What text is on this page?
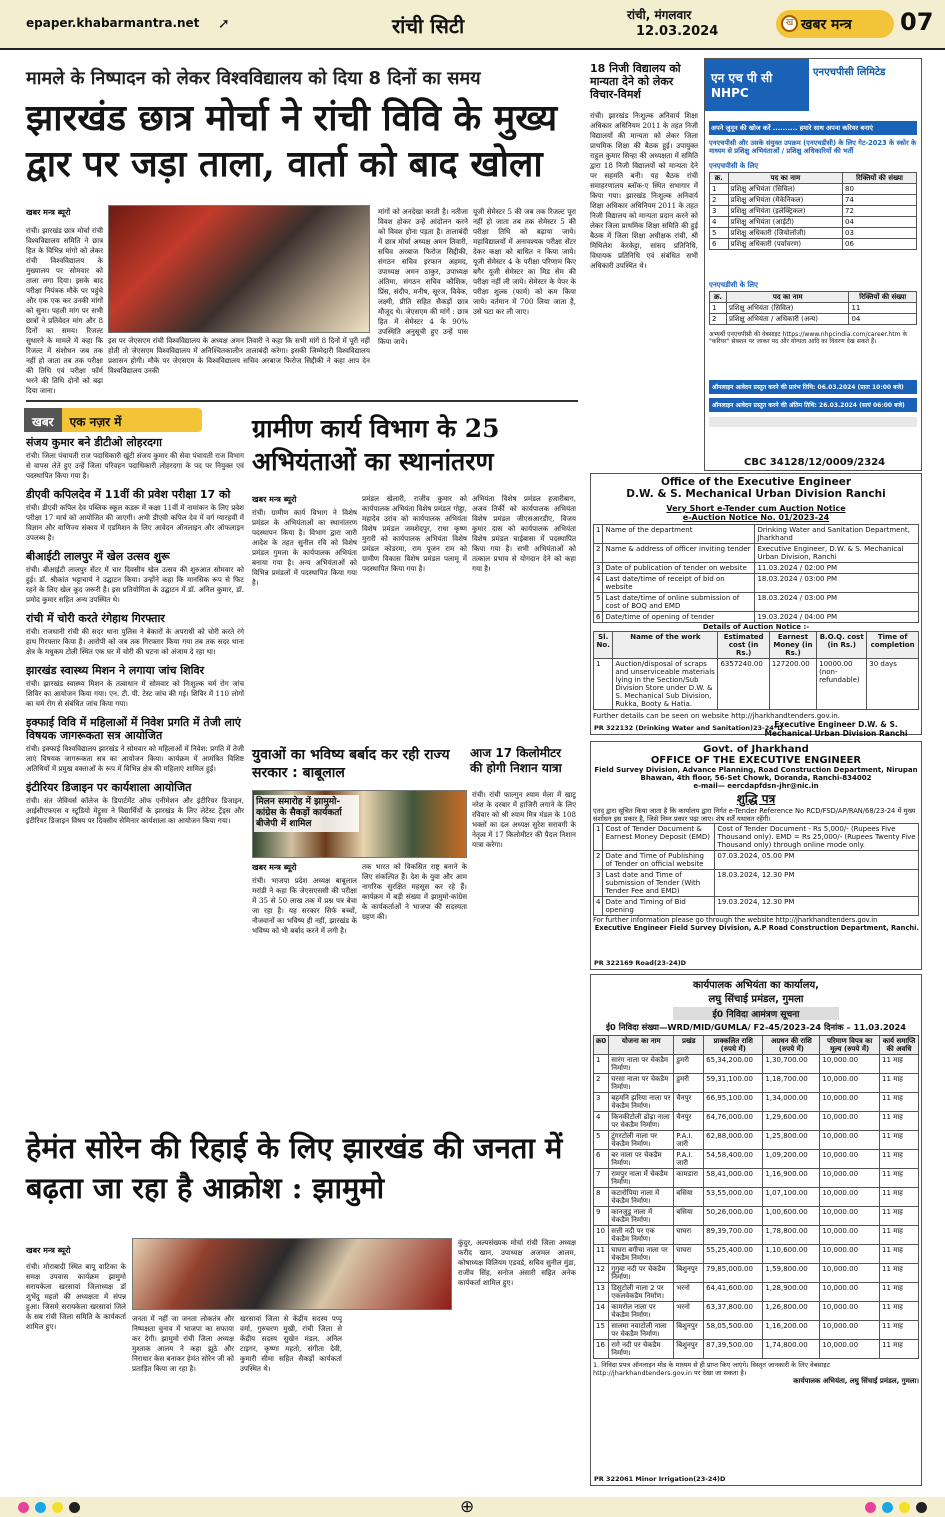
epaper.khabarmantra.net ➚	रांची सिटी	रांची, मंगलवार
12.03.2024	खबर मन्त्र
ख	07
मामले के निष्पादन को लेकर विश्वविद्यालय को दिया 8 दिनों का समय
झारखंड छात्र मोर्चा ने रांची विवि के मुख्य द्वार पर जड़ा ताला, वार्ता को बाद खोला
खबर मन्त्र ब्यूरो
रांची। झारखंड छात्र मोर्चा रांची विश्वविद्यालय समिति ने छात्र हित के विभिन्न मांगो को लेकर रांची विश्वविद्यालय के मुख्यालय पर सोमवार को ताला लगा दिया। इसके बाद परीक्षा नियंत्रक मौके पर पहुंचे और एक एक कर उनकी मांगों को सुना। पहली मांग पर सभी छात्रों ने प्रतिवेदन मांग और 8 दिनों का समय। रिजल्ट सुधारने के मामले में कहा कि रिजल्ट में संशोधन जब तक नहीं हो जाता तब तक परीक्षा की तिथि एवं परीक्षा फॉर्म भरने की तिथि दोनों को बढ़ा दिया जाना।
इस पर जेएसएम रांची विश्वविद्यालय के अध्यक्ष अमन तिवारी ने कहा कि सभी मांगें 8 दिनों में पूरी नहीं होती तो जेएसएम विश्वविद्यालय में अनिश्चितकालीन तालाबंदी करेगा। इसकी जिम्मेदारी विश्वविद्यालय प्रशासन होगी। मौके पर जेएसएम के विश्वविद्यालय सचिव अरबाज फिरोज सिद्दीकी ने कहा आप देन विश्वविद्यालय उनकी
मांगों को अनदेखा करती है। नतीजा विवश होकर उन्हें आंदोलन करने को विवश होना पड़ता है। तालाबंदी में छात्र मोर्चा अध्यक्ष अमन तिवारी, सचिव अरबाज फिरोज सिद्दीकी, संगठन सचिव इरफान अहमद, उपाध्यक्ष अमन ठाकुर, उपाध्यक्ष अंतिमा, संगठन सचिव कौशिक, प्रिंस, संदीप, मनीष, सूरज, विवेक, लक्ष्मी, प्रीति सहित सैकड़ों छात्र मौजूद थे। जेएसएम की मांगें : छात्र हित में सेमेस्टर 4 के 90% उपस्थिति अनुसूची हुए उन्हें पास किया जाये।
यूजी सेमेस्टर 5 की जब तक रिजल्ट पूरा नहीं हो जाता तब तक सेमेस्टर 5 की परीक्षा तिथि को बढ़ाया जाये। महाविद्यालयों में अनावश्यक परीक्षा सेंटर देकर कक्षा को बाधित न किया जाये। यूजी सेमेस्टर 4 के परीक्षा परिणाम किए बगैर यूजी सेमेस्टर का मिड सेम की परीक्षा नहीं ली जाये। सेमेस्टर के पेपर के परीक्षा शुल्क (फार्म) को कम किया जाये। वर्तमान में 700 लिया जाता है, उसे घटा कर ली जाए।
18 निजी विद्यालय को मान्यता देने को लेकर विचार-विमर्श
रांची। झारखंड निःशुल्क अनिवार्य शिक्षा अधिकार अधिनियम 2011 के तहत निजी विद्यालयों की मान्यता को लेकर जिला प्राथमिक शिक्षा की बैठक हुई। उपायुक्त राहुल कुमार सिन्हा की अध्यक्षता में समिति द्वारा 18 निजी विद्यालयों को मान्यता देने पर सहमति बनी। यह बैठक रांची समाहरणालय ब्लॉक-ए स्थित सभागार में किया गया। झारखंड निःशुल्क अनिवार्य शिक्षा अधिकार अधिनियम 2011 के तहत निजी विद्यालय को मान्यता प्रदान करने को लेकर जिला प्राथमिक शिक्षा समिति की हुई बैठक में जिला शिक्षा अधीक्षक रांची, श्री मिथिलेश केरकेट्टा, सांसद प्रतिनिधि, विधायक प्रतिनिधि एवं संबंधित सभी अधिकारी उपस्थित थे।
खबर एक नज़र में
संजय कुमार बने डीटीओ लोहरदगा
रांची। जिला पंचायती राज पदाधिकारी खूंटी संजय कुमार की सेवा पंचायती राज विभाग से वापस लेते हुए उन्हें जिला परिवहन पदाधिकारी लोहरदगा के पद पर नियुक्त एवं पदस्थापित किया गया है।
डीएवी कपिलदेव में 11वीं की प्रवेश परीक्षा 17 को
रांची। डीएवी कपिल देव पब्लिक स्कूल कडरू में कक्षा 11वीं में नामांकन के लिए प्रवेश परीक्षा 17 मार्च को आयोजित की जाएगी। अभी डीएवी कपिल देव में वर्ग ग्यारहवीं में विज्ञान और वाणिज्य संकाय में एडमिशन के लिए आवेदन ऑनलाइन और ऑफलाइन उपलब्ध है।
बीआईटी लालपुर में खेल उत्सव शुरू
रांची। बीआईटी लालपुर सेंटर में चार दिवसीय खेल उत्सव की शुरुआत सोमवार को हुई। डॉ. श्रीकांत भट्टाचार्य ने उद्घाटन किया। उन्होंने कहा कि मानसिक रूप से फिट रहने के लिए खेल कूद जरूरी है। इस प्रतियोगिता के उद्घाटन में डॉ. अनिल कुमार, डॉ. प्रमोद कुमार सहित अन्य उपस्थित थे।
रांची में चोरी करते रंगेहाथ गिरफ्तार
रांची। राजधानी रांची की सदर थाना पुलिस ने बेकारों के अपराधी को चोरी करते रंगे हाथ गिरफ्तार किया है। आरोपी को जब तक गिरफ्तार किया गया तब तक सदर थाना क्षेत्र के मधुकम टोली स्थित एक घर में चोरी की घटना को अंजाम दे रहा था।
झारखंड स्वास्थ्य मिशन ने लगाया जांच शिविर
रांची। झारखंड स्वास्थ्य मिशन के तत्वाधान में सोमवार को निःशुल्क चर्म रोग जांच शिविर का आयोजन किया गया। एन. टी. पी. टेस्ट जांच की गई। शिविर में 110 लोगों का चर्म रोग से संबंधित जांच किया गया।
इक्फाई विवि में महिलाओं में निवेश प्रगति में तेजी लाएं विषयक जागरूकता सत्र आयोजित
रांची। इक्फाई विश्वविद्यालय झारखंड ने सोमवार को महिलाओं में निवेश: प्रगति में तेजी लाएं विषयक जागरूकता सत्र का आयोजन किया। कार्यक्रम में आमंत्रित विशिष्ट अतिथियों में प्रमुख वक्ताओं के रूप में विभिन्न क्षेत्र की महिलाएं शामिल हुईं।
इंटीरियर डिजाइन पर कार्यशाला आयोजित
रांची। संत जेवियर्स कॉलेज के डिपार्टमेंट ऑफ एनीमेशन और इंटीरियर डिजाइन, आईसीएफएस व स्टूडियो मेट्रूसा ने विद्यार्थियों के झारखंड के लिए लेटेस्ट ट्रेंड्स और इंटीरियर डिजाइन विषय पर दिवसीय सेमिनार कार्यशाला का आयोजन किया गया।
ग्रामीण कार्य विभाग के 25 अभियंताओं का स्थानांतरण
खबर मन्त्र ब्यूरो
रांची। ग्रामीण कार्य विभाग ने विशेष प्रमंडल के अभियंताओं का स्थानांतरण पदस्थापन किया है। विभाग द्वारा जारी आदेश के तहत सुनील रवि को विशेष प्रमंडल गुमला के कार्यपालक अभियंता बनाया गया है। अन्य अभियंताओं को विभिन्न प्रमंडलों में पदस्थापित किया गया है।
प्रमंडल खेलारी, राजीव कुमार को कार्यपालक अभियंता विशेष प्रमंडल गोड्डा, महादेव उरांव को कार्यपालक अभियंता विशेष प्रमंडल जमशेदपुर, राधा कृष्ण मुरारी को कार्यपालक अभियंता विशेष प्रमंडल कोडरमा, राम पूजन राम को ग्रामीण विकास विशेष प्रमंडल पलामू में पदस्थापित किया गया है।
अभियंता विशेष प्रमंडल हजारीबाग, अजय तिर्की को कार्यपालक अभियंता विशेष प्रमंडल जीएसआरडीए, विजय कुमार दास को कार्यपालक अभियंता विशेष प्रमंडल चाईबासा में पदस्थापित किया गया है। सभी अभियंताओं को तत्काल प्रभाव से योगदान देने को कहा गया है।
युवाओं का भविष्य बर्बाद कर रही राज्य सरकार : बाबूलाल
मिलन समारोह में झामुमो-कांग्रेस के सैकड़ों कार्यकर्ता बीजेपी में शामिल
खबर मन्त्र ब्यूरो
रांची। भाजपा प्रदेश अध्यक्ष बाबूलाल मरांडी ने कहा कि जेएसएससी की परीक्षा में 35 से 50 लाख तक में प्रश्न पत्र बेचा जा रहा है। यह सरकार सिर्फ बच्चों, नौजवानों का भविष्य ही नहीं, झारखंड के भविष्य को भी बर्बाद करने में लगी है।
तक भारत को विकसित राष्ट्र बनाने के लिए संकल्पित हैं। देश के युवा और आम नागरिक सुरक्षित महसूस कर रहे हैं। कार्यक्रम में बड़ी संख्या में झामुमो-कांग्रेस के कार्यकर्ताओं ने भाजपा की सदस्यता ग्रहण की।
आज 17 किलोमीटर की होगी निशान यात्रा
रांची। रांची फाल्गुन श्याम मेला में खाटू नरेश के दरबार में हाजिरी लगाने के लिए रविवार को श्री श्याम मित्र मंडल के 108 भक्तों का दल अध्यक्ष सुरेश सरावगी के नेतृत्व में 17 किलोमीटर की पैदल निशान यात्रा करेगा।
हेमंत सोरेन की रिहाई के लिए झारखंड की जनता में बढ़ता जा रहा है आक्रोश : झामुमो
खबर मन्त्र ब्यूरो
रांची। मोराबादी स्थित बापू वाटिका के समक्ष उपवास कार्यक्रम झामुमो सरायकेला खरसावां जिलाध्यक्ष डॉ शुभेंदु महतो की अध्यक्षता में संपन्न हुआ। जिसमे सरायकेला खरसावां जिले के सब रांची जिला समिति के कार्यकर्ता शामिल हुए।
जनता में नहीं जा जनता लोकतंत्र और निष्पक्षता चुनाव में भाजपा का सफाया कर देगी। झामुमो रांची जिला अध्यक्ष मुश्ताक आलम ने कहा झूठे और निराधार केस बनाकर हेमंत सोरेन जी को प्रताड़ित किया जा रहा है।
खरसावां जिला से केंद्रीय सदस्य पप्पू वर्मा, गुरुचरण मुखी, रांची जिला से केंद्रीय सदस्य सुखेन मंडल, अनिल टाइगर, कृष्णा महतो, संगीता देवी, कुमारी सीमा सहित सैकड़ों कार्यकर्ता उपस्थित थे।
कुंदुर, अल्पसंख्यक मोर्चा रांची जिला अध्यक्ष फरीद खान, उपाध्यक्ष अजमल आलम, कोषाध्यक्ष विलियम एडवर्ड, सचिव सुनील मुंडा, राजीव सिंह, सनोज अंसारी सहित अनेक कार्यकर्ता शामिल हुए।
एन एच पी सी NHPC
एनएचपीसी लिमिटेड
अपने जुनून की खोज करें .......... हमारे साथ अपना करियर बनाएं
एनएचपीसी और उसके संयुक्त उपक्रम (एनएचडीसी) के लिए गेट-2023 के स्कोर के माध्यम से प्रशिक्षु अभियंताओं / प्रशिक्षु अधिकारियों की भर्ती
एनएचपीसी के लिए
क्र.	पद का नाम	रिक्तियों की संख्या
1	प्रशिक्षु अभियंता (सिविल)	80
2	प्रशिक्षु अभियंता (मैकेनिकल)	74
3	प्रशिक्षु अभियंता (इलेक्ट्रिकल)	72
4	प्रशिक्षु अभियंता (आईटी)	04
5	प्रशिक्षु अधिकारी (जियोलॉजी)	03
6	प्रशिक्षु अधिकारी (पर्यावरण)	06
एनएचडीसी के लिए
क्र.	पद का नाम	रिक्तियों की संख्या
1	प्रशिक्षु अभियंता (सिविल)	11
2	प्रशिक्षु अभियंता / अधिकारी (अन्य)	04
अभ्यर्थी एनएचपीसी की वेबसाइट https://www.nhpcindia.com/career.htm के "करियर" सेक्शन पर जाकर पद और योग्यता आदि का विवरण देख सकते हैं।
ऑनलाइन आवेदन प्रस्तुत करने की प्रारंभ तिथि: 06.03.2024 (प्रातः 10:00 बजे)
ऑनलाइन आवेदन प्रस्तुत करने की अंतिम तिथि: 26.03.2024 (सायं 06:00 बजे)
CBC 34128/12/0009/2324
Office of the Executive Engineer
D.W. & S. Mechanical Urban Division Ranchi
Very Short e-Tender cum Auction Notice
e-Auction Notice No. 01/2023-24
1	Name of the department	Drinking Water and Sanitation Department, Jharkhand
2	Name & address of officer inviting tender	Executive Engineer, D.W. & S. Mechanical Urban Division, Ranchi
3	Date of publication of tender on website	11.03.2024 / 02:00 PM
4	Last date/time of receipt of bid on website	18.03.2024 / 03:00 PM
5	Last date/time of online submission of cost of BOQ and EMD	18.03.2024 / 03:00 PM
6	Date/time of opening of tender	19.03.2024 / 04:00 PM
Details of Auction Notice :-
Sl. No.	Name of the work	Estimated cost (in Rs.)	Earnest Money (in Rs.)	B.O.Q. cost (in Rs.)	Time of completion
1	Auction/disposal of scraps and unserviceable materials lying in the Section/Sub Division Store under D.W. & S. Mechanical Sub Division, Rukka, Booty & Hatia.	6357240.00	127200.00	10000.00 (non-refundable)	30 days
Further details can be seen on website http://jharkhandtenders.gov.in.
Executive Engineer D.W. & S. Mechanical Urban Division Ranchi
PR 322132 (Drinking Water and Sanitation)23-24*D
Govt. of Jharkhand
OFFICE OF THE EXECUTIVE ENGINEER
Field Survey Division, Advance Planning, Road Construction Department, Nirupan Bhawan, 4th floor, 56-Set Chowk, Doranda, Ranchi-834002
e-mail— eercdapfdsn-jhr@nic.in
शुद्धि पत्र
एतद् द्वारा सूचित किया जाता है कि कार्यालय द्वारा निर्गत e-Tender Reference No RCD/FSD/AP/RAN/68/23-24 में मुख्य संशोधन इस प्रकार है, जिसे निम्न प्रकार पढ़ा जाए। शेष शर्तें यथावत रहेंगी।
1	Cost of Tender Document & Earnest Money Deposit (EMD)	Cost of Tender Document - Rs 5,000/- (Rupees Five Thousand only). EMD = Rs 25,000/- (Rupees Twenty Five Thousand only) through online mode only.
2	Date and Time of Publishing of Tender on official website	07.03.2024, 05.00 PM
3	Last date and Time of submission of Tender (With Tender Fee and EMD)	18.03.2024, 12.30 PM
4	Date and Timing of Bid opening	19.03.2024, 12.30 PM
For further information please go through the website http://jharkhandtenders.gov.in
Executive Engineer Field Survey Division, A.P Road Construction Department, Ranchi.
PR 322169 Road(23-24)D
कार्यपालक अभियंता का कार्यालय,
लघु सिंचाई प्रमंडल, गुमला
ई0 निविदा आमंत्रण सूचना
ई0 निविदा संख्या—WRD/MID/GUMLA/ F2-45/2023-24 दिनांक – 11.03.2024
क्र0	योजना का नाम	प्रखंड	प्राक्कलित राशि (रुपये में)	अग्रधन की राशि (रुपये में)	परिमाण विपत्र का मूल्य (रुपये में)	कार्य समाप्ति की अवधि
1	सारंग नाला पर चेकडैम निर्माण।	डुमरी	65,34,200.00	1,30,700.00	10,000.00	11 माह
2	घरसा नाला पर चेकडैम निर्माण।	डुमरी	59,31,100.00	1,18,700.00	10,000.00	11 माह
3	बहमनि झरिया नाला पर चेकडैम निर्माण।	चैनपुर	66,95,100.00	1,34,000.00	10,000.00	11 माह
4	किनकीटोली ढोढ़ा नाला पर चेकडैम निर्माण।	चैनपुर	64,76,000.00	1,29,600.00	10,000.00	11 माह
5	टुंगरटोली नाला पर चेकडैम निर्माण।	P.A.I. जारी	62,88,000.00	1,25,800.00	10,000.00	11 माह
6	बर नाला पर चेकडैम निर्माण।	P.A.I. जारी	54,58,400.00	1,09,200.00	10,000.00	11 माह
7	रामपुर नाला में चेकडैम निर्माण।	कामडारा	58,41,000.00	1,16,900.00	10,000.00	11 माह
8	कटारोपिया नाला में चेकडैम निर्माण।	बसिया	53,55,000.00	1,07,100.00	10,000.00	11 माह
9	कानजुडू नाला में चेकडैम निर्माण।	बसिया	50,26,000.00	1,00,600.00	10,000.00	11 माह
10	सत्ती नदी पर एक चेकडैम निर्माण।	घाघरा	89,39,700.00	1,78,800.00	10,000.00	11 माह
11	घाघरा बगीचा नाला पर चेकडैम निर्माण।	घाघरा	55,25,400.00	1,10,600.00	10,000.00	11 माह
12	गुगुवा नदी पर चेकडैम निर्माण।	बिशुनपुर	79,85,000.00	1,59,800.00	10,000.00	11 माह
13	डिसुटोली नाला 2 पर एकलवेकडैम निर्माण।	भरनो	64,41,600.00	1,28,900.00	10,000.00	11 माह
14	कामरोल नाला पर चेकडैम निर्माण।	भरनो	63,37,800.00	1,26,800.00	10,000.00	11 माह
15	सालमा नवाटोली नाला पर चेकडैम निर्माण।	बिशुनपुर	58,05,500.00	1,16,200.00	10,000.00	11 माह
16	रागे नदी पर चेकडैम निर्माण।	बिशुनपुर	87,39,500.00	1,74,800.00	10,000.00	11 माह
1. निविदा प्रपत्र ऑनलाइन मोड के माध्यम से ही प्राप्त किए जाएंगे। विस्तृत जानकारी के लिए वेबसाइट http://jharkhandtenders.gov.in पर देखा जा सकता है।
कार्यपालक अभियंता, लघु सिंचाई प्रमंडल, गुमला।
PR 322061 Minor Irrigation(23-24)D
⊕
